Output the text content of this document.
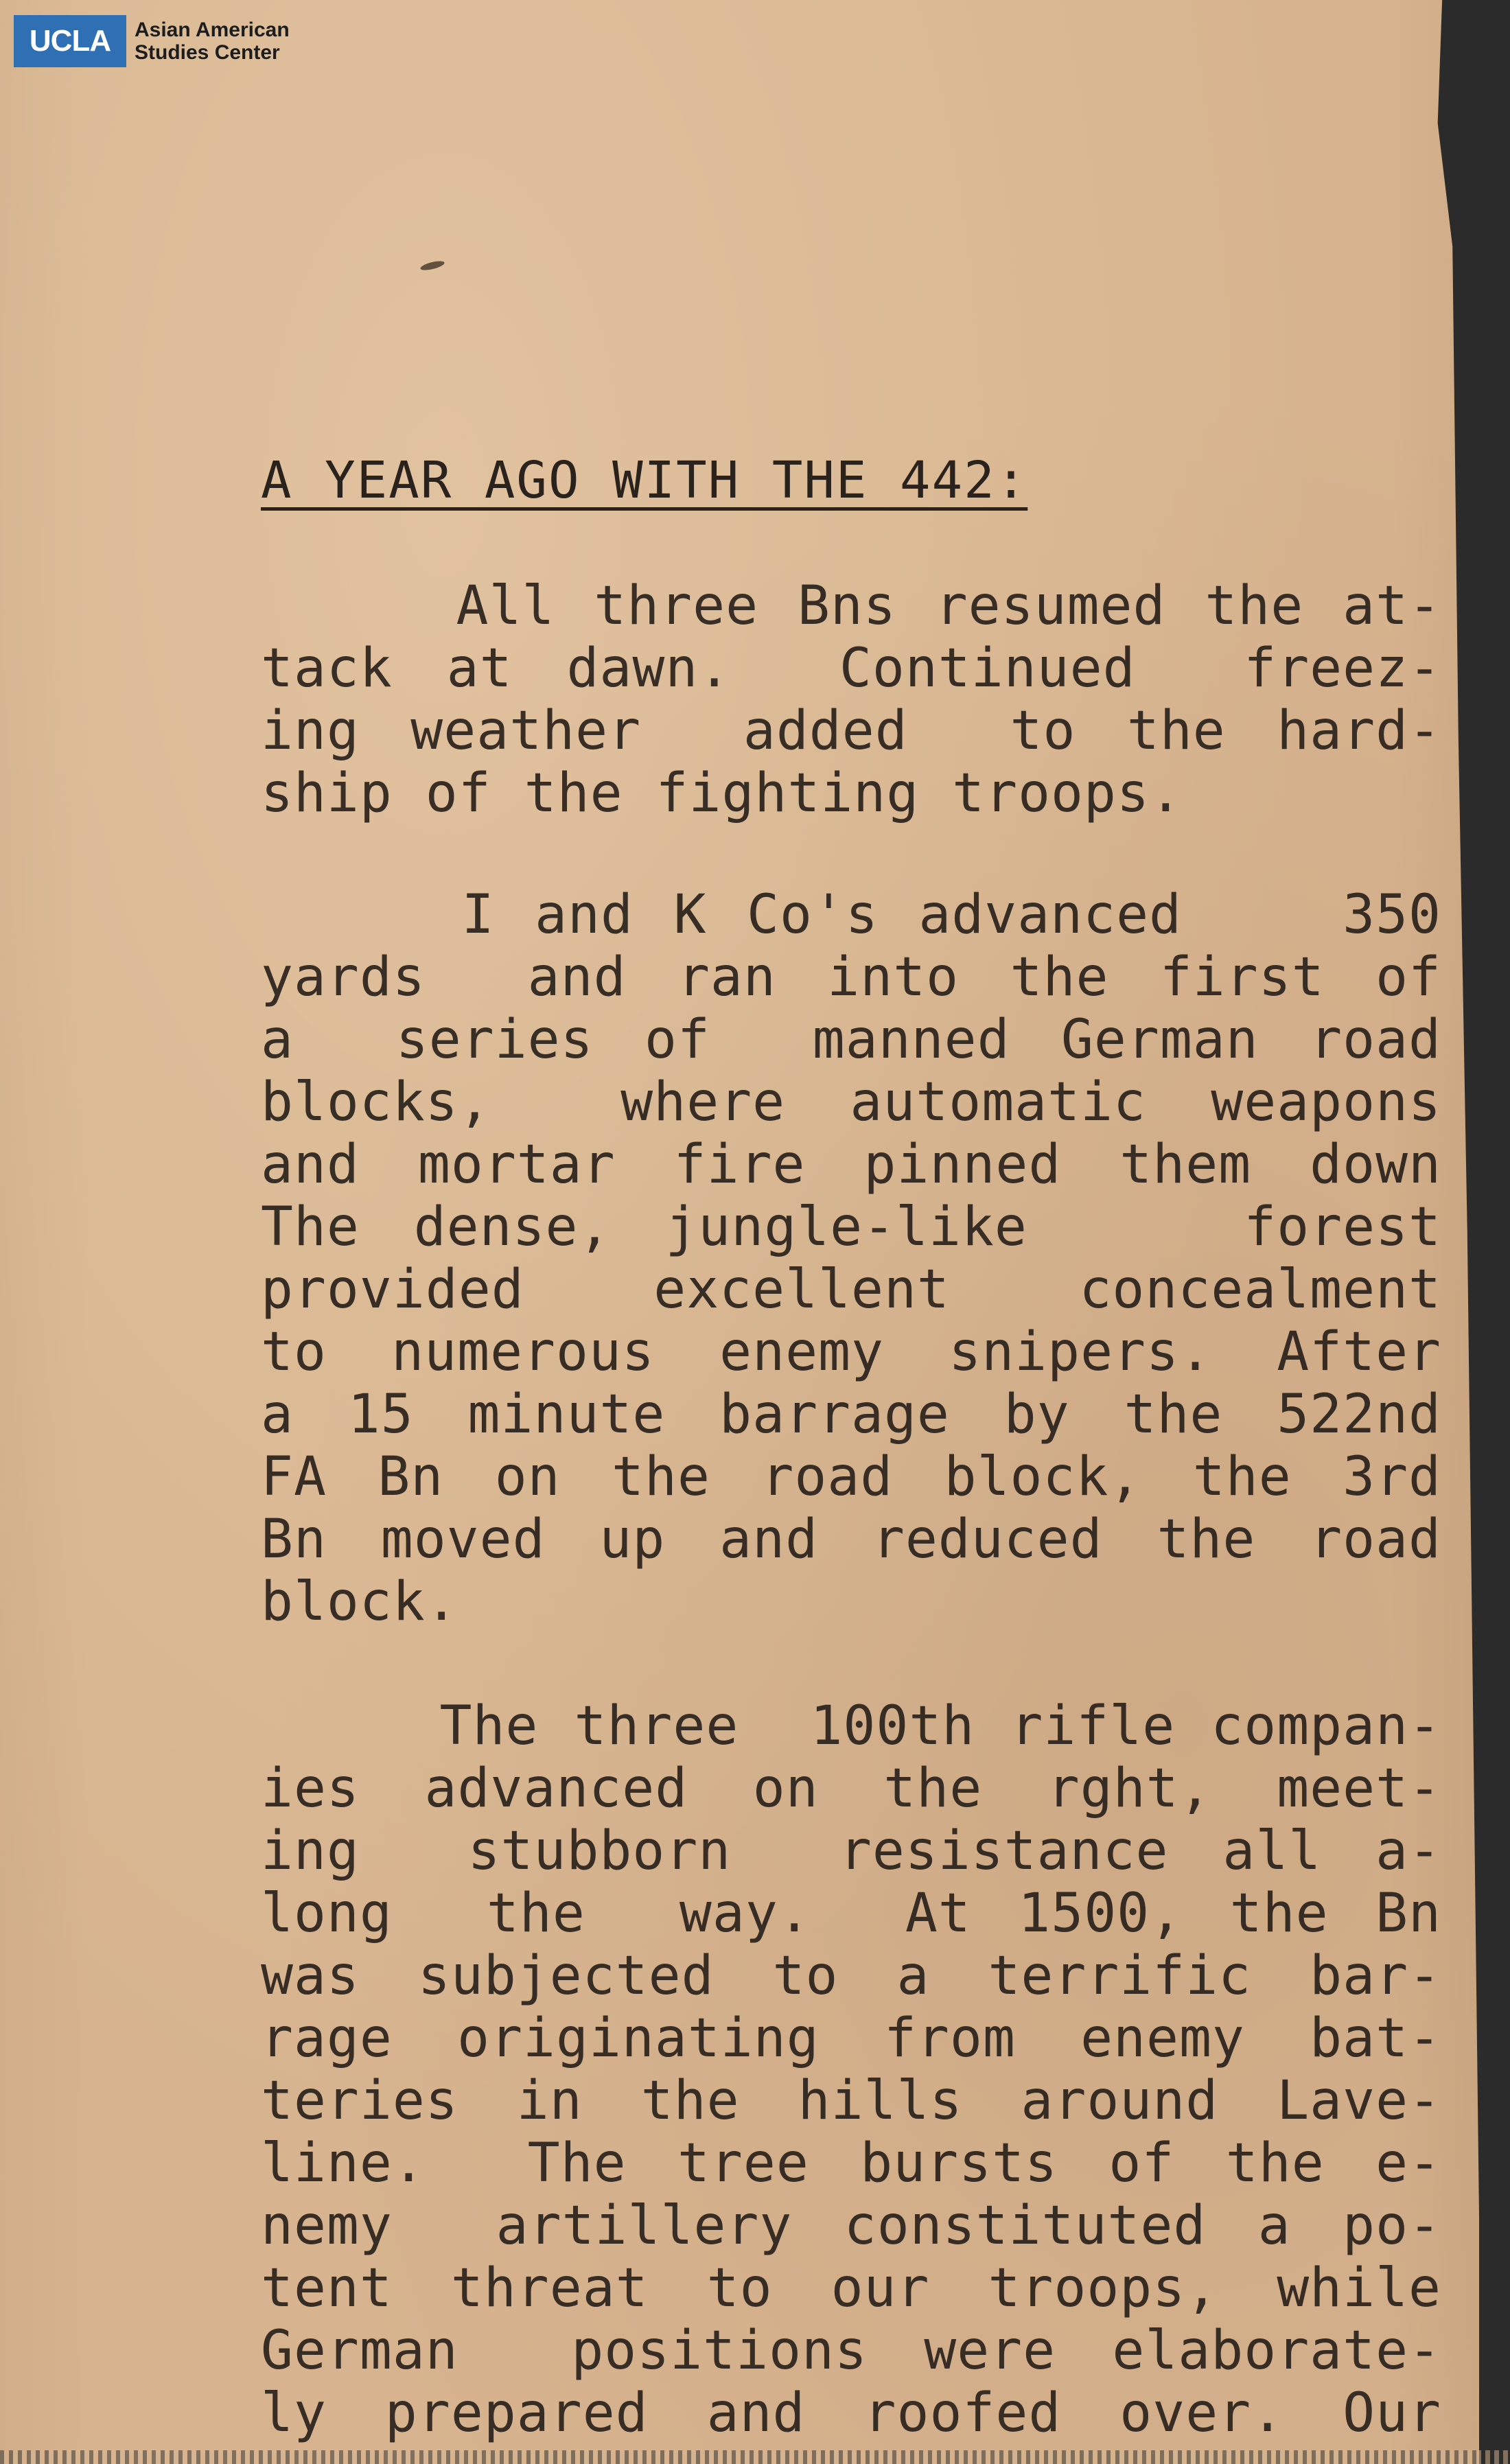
UCLA	Asian American
Studies Center
A YEAR AGO WITH THE 442:
All three Bns resumed the at-
tack at dawn.  Continued  freez-
ing weather  added  to the hard-
ship of the fighting troops.
I and K Co's advanced    350
yards  and ran into the first of
a  series of  manned German road
blocks,  where automatic weapons
and mortar fire pinned them down
The dense, jungle-like    forest
provided  excellent  concealment
to numerous enemy snipers. After
a 15 minute barrage by the 522nd
FA Bn on the road block, the 3rd
Bn moved up and reduced the road
block.
The three  100th rifle compan-
ies advanced on the rght, meet-
ing  stubborn  resistance all a-
long  the  way.  At 1500, the Bn
was subjected to a terrific bar-
rage originating from enemy bat-
teries in the hills around Lave-
line.  The tree bursts of the e-
nemy  artillery constituted a po-
tent threat to our troops, while
German  positions were elaborate-
ly prepared and roofed over. Our
